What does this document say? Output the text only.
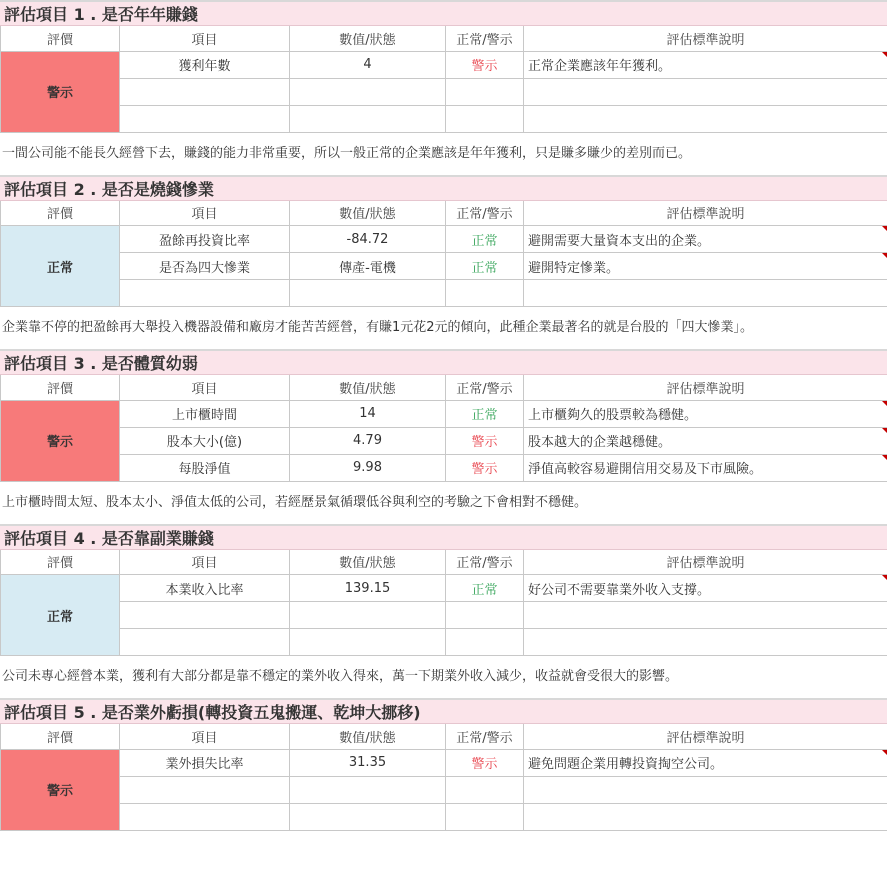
評估項目 1 . 是否年年賺錢
評價	項目	數值/狀態	正常/警示	評估標準說明
警示	獲利年數	4	警示	正常企業應該年年獲利。

一間公司能不能長久經營下去，賺錢的能力非常重要，所以一般正常的企業應該是年年獲利，只是賺多賺少的差別而已。
評估項目 2 . 是否是燒錢慘業
評價	項目	數值/狀態	正常/警示	評估標準說明
正常	盈餘再投資比率	-84.72	正常	避開需要大量資本支出的企業。

	是否為四大慘業	傳產-電機	正常	避開特定慘業。

企業靠不停的把盈餘再大舉投入機器設備和廠房才能苦苦經營，有賺1元花2元的傾向，此種企業最著名的就是台股的「四大慘業」。
評估項目 3 . 是否體質幼弱
評價	項目	數值/狀態	正常/警示	評估標準說明
警示	上市櫃時間	14	正常	上市櫃夠久的股票較為穩健。

	股本大小(億)	4.79	警示	股本越大的企業越穩健。

	每股淨值	9.98	警示	淨值高較容易避開信用交易及下市風險。
上市櫃時間太短、股本太小、淨值太低的公司，若經歷景氣循環低谷與利空的考驗之下會相對不穩健。
評估項目 4 . 是否靠副業賺錢
評價	項目	數值/狀態	正常/警示	評估標準說明
正常	本業收入比率	139.15	正常	好公司不需要靠業外收入支撐。

公司未專心經營本業，獲利有大部分都是靠不穩定的業外收入得來，萬一下期業外收入減少，收益就會受很大的影響。
評估項目 5 . 是否業外虧損(轉投資五鬼搬運、乾坤大挪移)
評價	項目	數值/狀態	正常/警示	評估標準說明
警示	業外損失比率	31.35	警示	避免問題企業用轉投資掏空公司。
